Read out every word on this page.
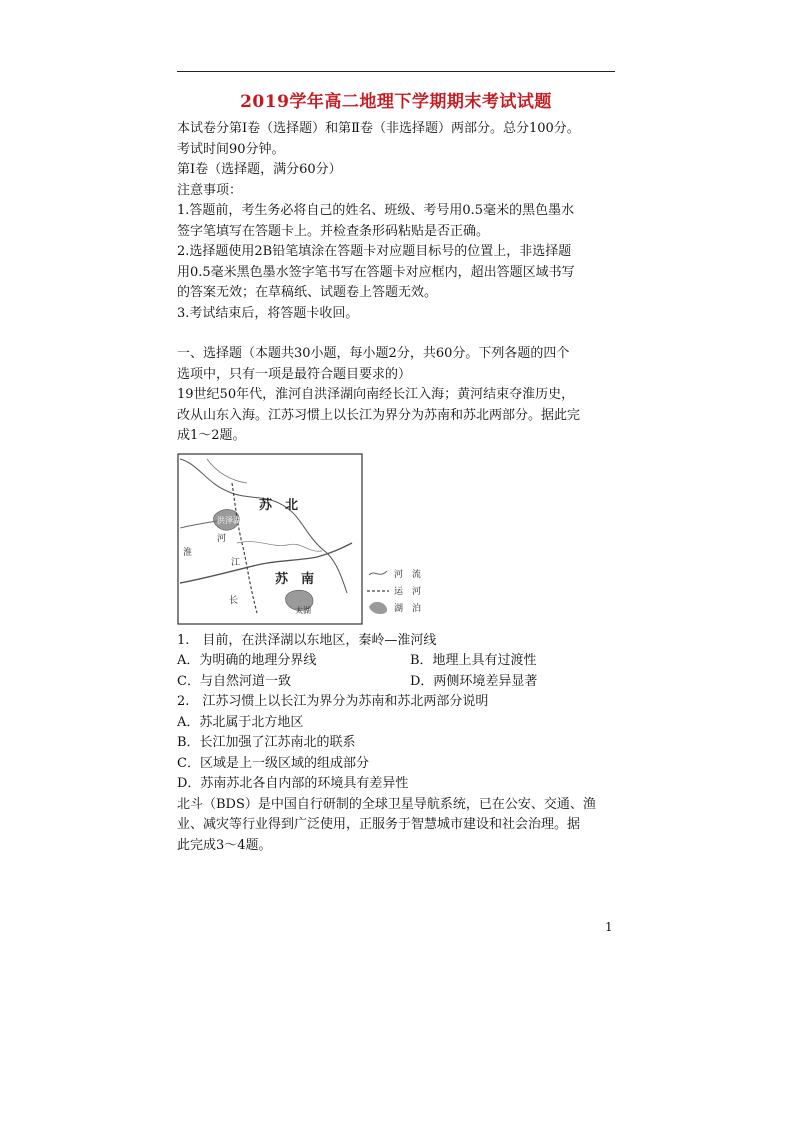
2019学年高二地理下学期期末考试试题

本试卷分第Ⅰ卷（选择题）和第Ⅱ卷（非选择题）两部分。总分100分。

考试时间90分钟。

第Ⅰ卷（选择题，满分60分）

注意事项：

1.答题前，考生务必将自己的姓名、班级、考号用0.5毫米的黑色墨水

签字笔填写在答题卡上。并检查条形码粘贴是否正确。

2.选择题使用2B铅笔填涂在答题卡对应题目标号的位置上，非选择题

用0.5毫米黑色墨水签字笔书写在答题卡对应框内，超出答题区域书写

的答案无效；在草稿纸、试题卷上答题无效。

3.考试结束后，将答题卡收回。

一、选择题（本题共30小题，每小题2分，共60分。下列各题的四个

选项中，只有一项是最符合题目要求的）

19世纪50年代，淮河自洪泽湖向南经长江入海；黄河结束夺淮历史，

改从山东入海。江苏习惯上以长江为界分为苏南和苏北两部分。据此完

成1～2题。

苏　北
苏　南
洪泽湖
淮
河
江
长
太湖
河　流
运　河
湖　泊

1.　目前，在洪泽湖以东地区，秦岭—淮河线

A．为明确的地理分界线	B．地理上具有过渡性
C．与自然河道一致	D．两侧环境差异显著

2.　江苏习惯上以长江为界分为苏南和苏北两部分说明

A．苏北属于北方地区

B．长江加强了江苏南北的联系

C．区域是上一级区域的组成部分

D．苏南苏北各自内部的环境具有差异性

北斗（BDS）是中国自行研制的全球卫星导航系统，已在公安、交通、渔

业、减灾等行业得到广泛使用，正服务于智慧城市建设和社会治理。据

此完成3～4题。

1
